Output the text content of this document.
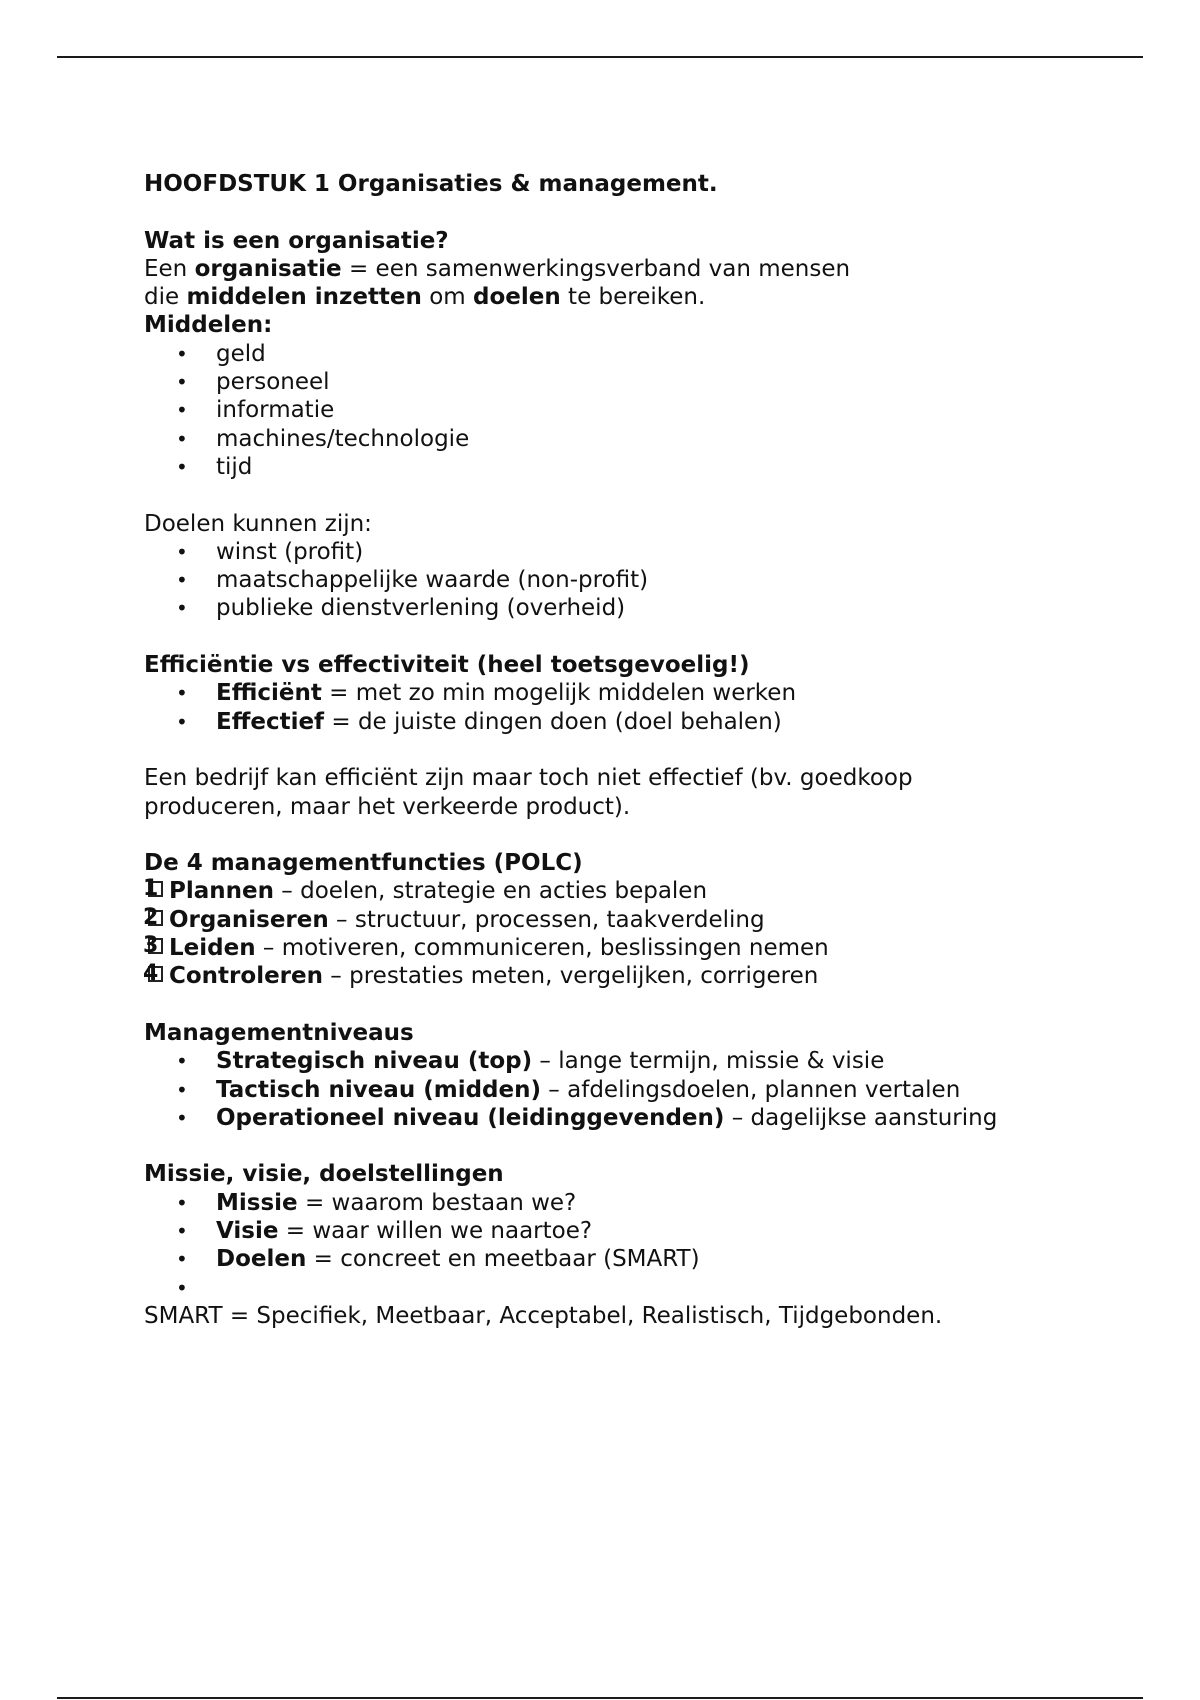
HOOFDSTUK 1 Organisaties & management.
Wat is een organisatie?
Een organisatie = een samenwerkingsverband van mensen
die middelen inzetten om doelen te bereiken.
Middelen:
• geld
• personeel
• informatie
• machines/technologie
• tijd
Doelen kunnen zijn:
• winst (profit)
• maatschappelijke waarde (non-profit)
• publieke dienstverlening (overheid)
Efficiëntie vs effectiviteit (heel toetsgevoelig!)
• Efficiënt = met zo min mogelijk middelen werken
• Effectief = de juiste dingen doen (doel behalen)
Een bedrijf kan efficiënt zijn maar toch niet effectief (bv. goedkoop
produceren, maar het verkeerde product).
De 4 managementfuncties (POLC)
1 Plannen – doelen, strategie en acties bepalen
2 Organiseren – structuur, processen, taakverdeling
3 Leiden – motiveren, communiceren, beslissingen nemen
4 Controleren – prestaties meten, vergelijken, corrigeren
Managementniveaus
• Strategisch niveau (top) – lange termijn, missie & visie
• Tactisch niveau (midden) – afdelingsdoelen, plannen vertalen
• Operationeel niveau (leidinggevenden) – dagelijkse aansturing
Missie, visie, doelstellingen
• Missie = waarom bestaan we?
• Visie = waar willen we naartoe?
• Doelen = concreet en meetbaar (SMART)
•
SMART = Specifiek, Meetbaar, Acceptabel, Realistisch, Tijdgebonden.
